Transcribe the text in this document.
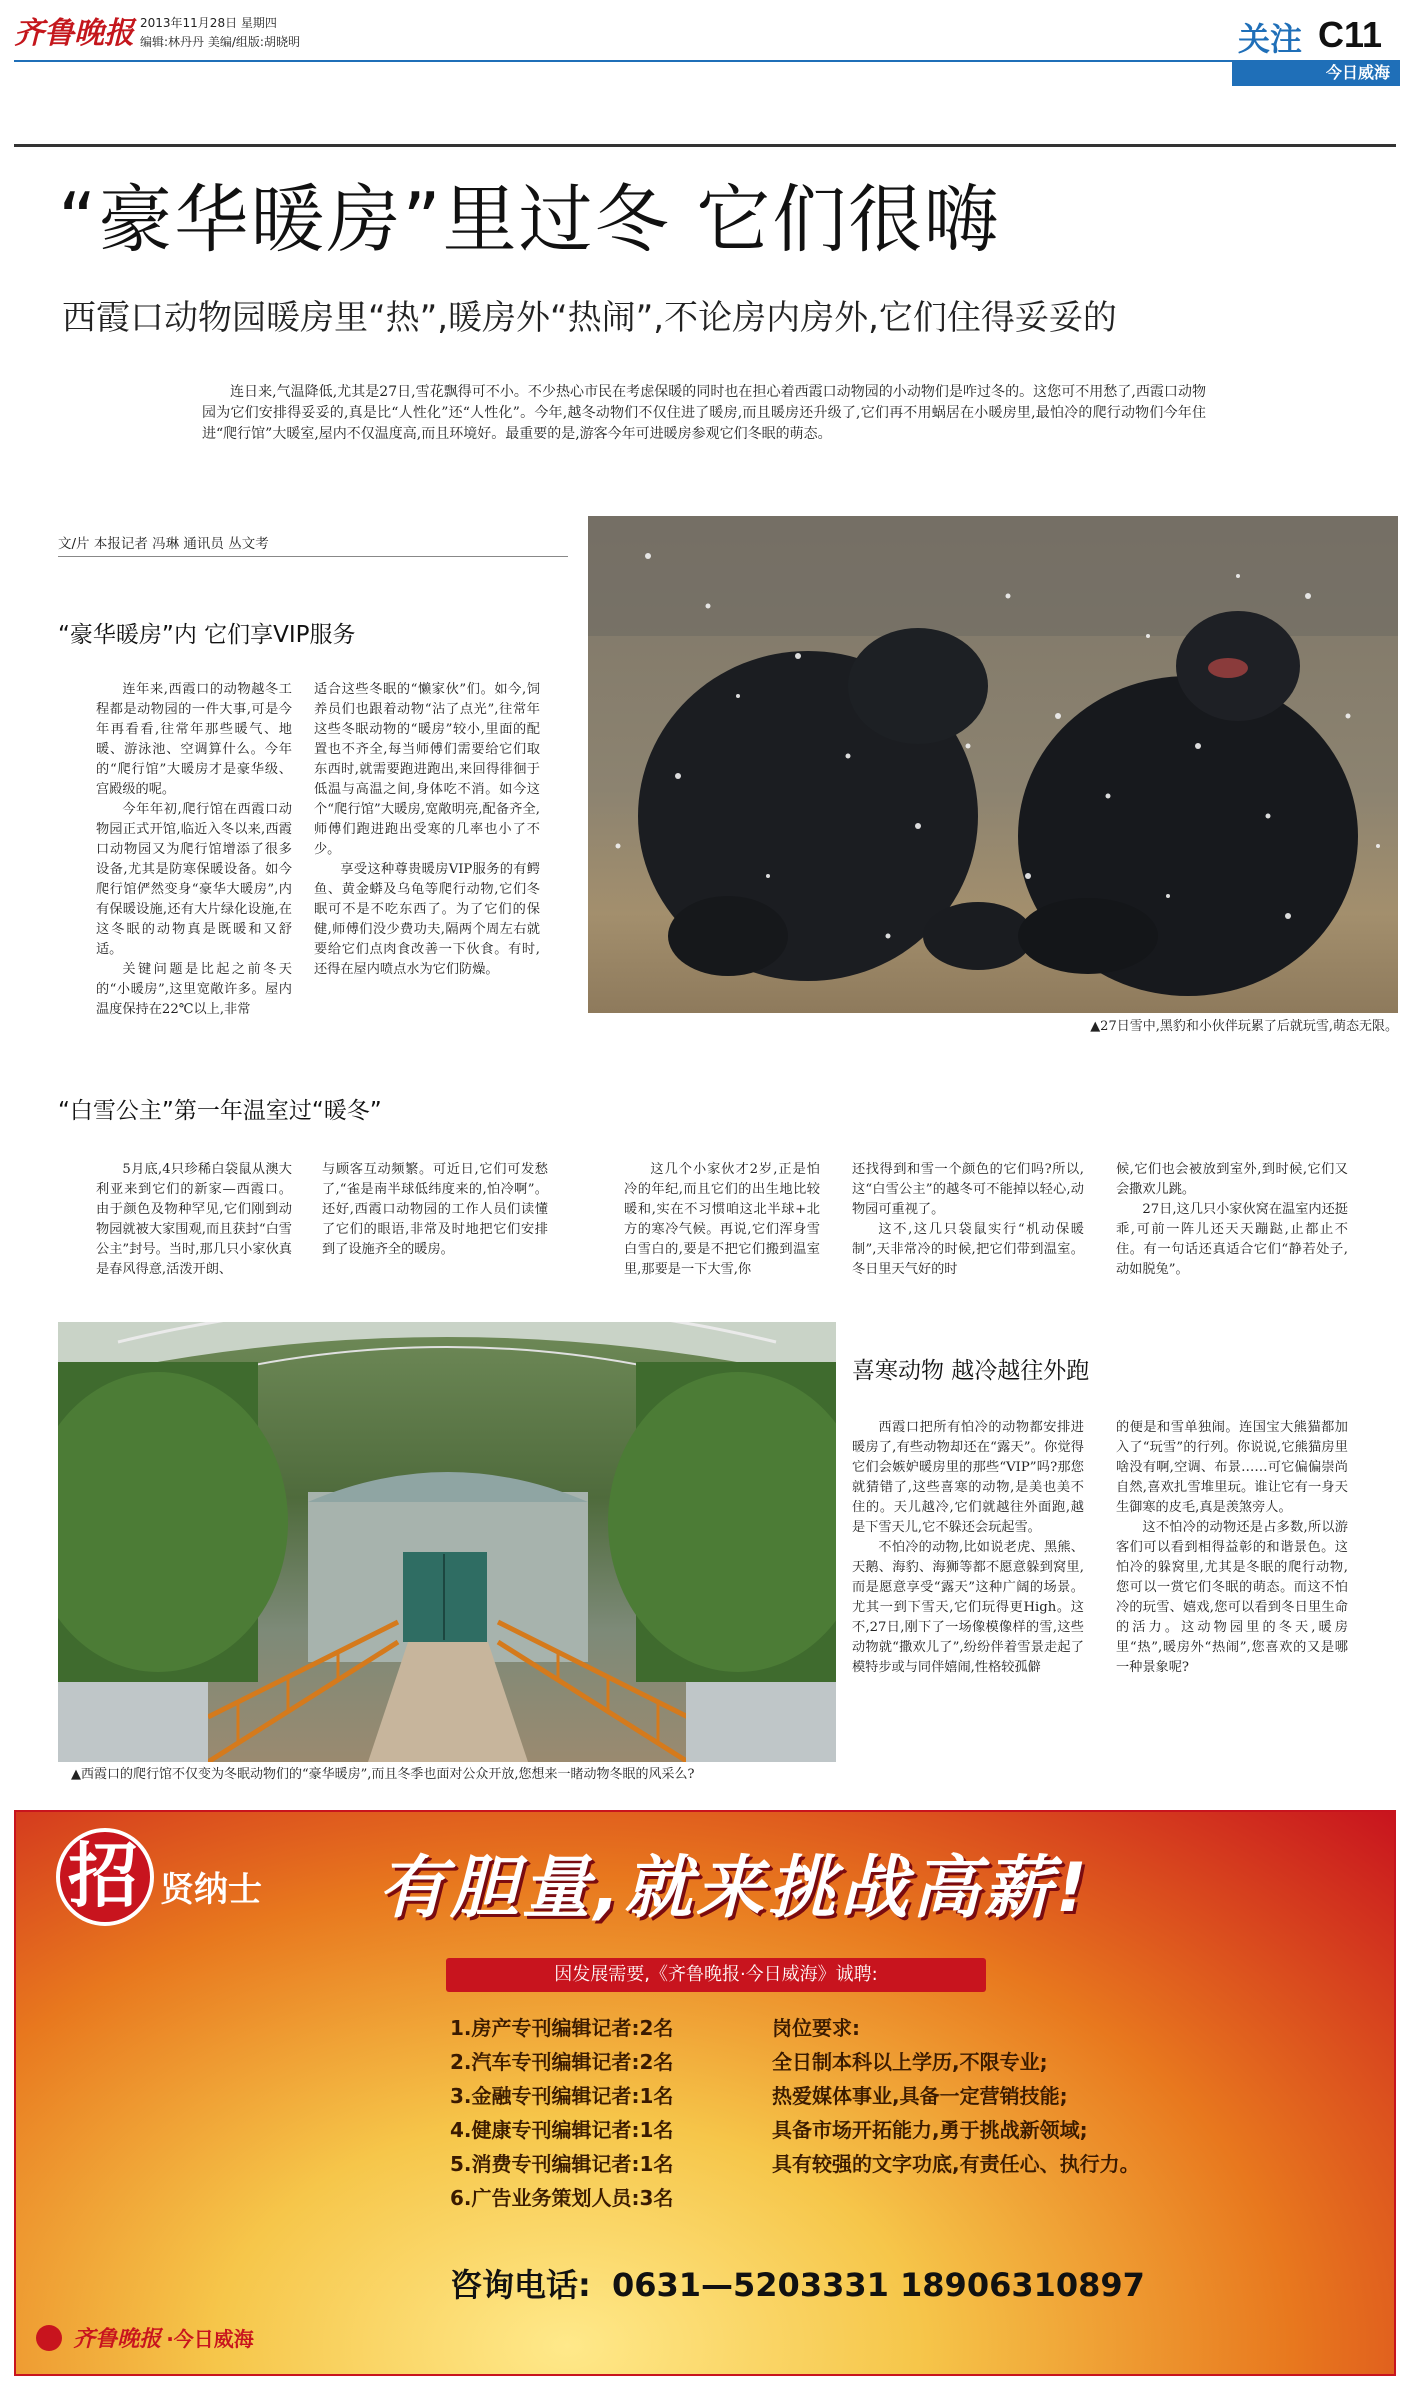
齐鲁晚报 2013年11月28日 星期四
编辑:林丹丹 美编/组版:胡晓明	关注 C11
今日威海
“豪华暖房”里过冬 它们很嗨
西霞口动物园暖房里“热”,暖房外“热闹”,不论房内房外,它们住得妥妥的

连日来,气温降低,尤其是27日,雪花飘得可不小。不少热心市民在考虑保暖的同时也在担心着西霞口动物园的小动物们是咋过冬的。这您可不用愁了,西霞口动物园为它们安排得妥妥的,真是比“人性化”还“人性化”。今年,越冬动物们不仅住进了暖房,而且暖房还升级了,它们再不用蜗居在小暖房里,最怕冷的爬行动物们今年住进“爬行馆”大暖室,屋内不仅温度高,而且环境好。最重要的是,游客今年可进暖房参观它们冬眠的萌态。

文/片 本报记者 冯琳 通讯员 丛文考
“豪华暖房”内 它们享VIP服务

连年来,西霞口的动物越冬工程都是动物园的一件大事,可是今年再看看,往常年那些暖气、地暖、游泳池、空调算什么。今年的“爬行馆”大暖房才是豪华级、宫殿级的呢。

今年年初,爬行馆在西霞口动物园正式开馆,临近入冬以来,西霞口动物园又为爬行馆增添了很多设备,尤其是防寒保暖设备。如今爬行馆俨然变身“豪华大暖房”,内有保暖设施,还有大片绿化设施,在这冬眠的动物真是既暖和又舒适。

关键问题是比起之前冬天的“小暖房”,这里宽敞许多。屋内温度保持在22℃以上,非常

适合这些冬眠的“懒家伙”们。如今,饲养员们也跟着动物“沾了点光”,往常年这些冬眠动物的“暖房”较小,里面的配置也不齐全,每当师傅们需要给它们取东西时,就需要跑进跑出,来回得徘徊于低温与高温之间,身体吃不消。如今这个“爬行馆”大暖房,宽敞明亮,配备齐全,师傅们跑进跑出受寒的几率也小了不少。

享受这种尊贵暖房VIP服务的有鳄鱼、黄金蟒及乌龟等爬行动物,它们冬眠可不是不吃东西了。为了它们的保健,师傅们没少费功夫,隔两个周左右就要给它们点肉食改善一下伙食。有时,还得在屋内喷点水为它们防燥。

▲27日雪中,黑豹和小伙伴玩累了后就玩雪,萌态无限。
“白雪公主”第一年温室过“暖冬”

5月底,4只珍稀白袋鼠从澳大利亚来到它们的新家—西霞口。由于颜色及物种罕见,它们刚到动物园就被大家围观,而且获封“白雪公主”封号。当时,那几只小家伙真是春风得意,活泼开朗、

与顾客互动频繁。可近日,它们可发愁了,“雀是南半球低纬度来的,怕冷啊”。还好,西霞口动物园的工作人员们读懂了它们的眼语,非常及时地把它们安排到了设施齐全的暖房。

这几个小家伙才2岁,正是怕冷的年纪,而且它们的出生地比较暖和,实在不习惯咱这北半球+北方的寒冷气候。再说,它们浑身雪白雪白的,要是不把它们搬到温室里,那要是一下大雪,你

还找得到和雪一个颜色的它们吗?所以,这“白雪公主”的越冬可不能掉以轻心,动物园可重视了。

这不,这几只袋鼠实行“机动保暖制”,天非常冷的时候,把它们带到温室。冬日里天气好的时

候,它们也会被放到室外,到时候,它们又会撒欢儿跳。

27日,这几只小家伙窝在温室内还挺乖,可前一阵儿还天天蹦跶,止都止不住。有一句话还真适合它们“静若处子,动如脱兔”。

▲西霞口的爬行馆不仅变为冬眠动物们的“豪华暖房”,而且冬季也面对公众开放,您想来一睹动物冬眠的风采么?
喜寒动物 越冷越往外跑

西霞口把所有怕冷的动物都安排进暖房了,有些动物却还在“露天”。你觉得它们会嫉妒暖房里的那些“VIP”吗?那您就猜错了,这些喜寒的动物,是美也美不住的。天儿越冷,它们就越往外面跑,越是下雪天儿,它不躲还会玩起雪。

不怕冷的动物,比如说老虎、黑熊、天鹅、海豹、海狮等都不愿意躲到窝里,而是愿意享受“露天”这种广阔的场景。尤其一到下雪天,它们玩得更High。这不,27日,刚下了一场像模像样的雪,这些动物就“撒欢儿了”,纷纷伴着雪景走起了模特步或与同伴嬉闹,性格较孤僻

的便是和雪单独闹。连国宝大熊猫都加入了“玩雪”的行列。你说说,它熊猫房里啥没有啊,空调、布景……可它偏偏崇尚自然,喜欢扎雪堆里玩。谁让它有一身天生御寒的皮毛,真是羡煞旁人。

这不怕冷的动物还是占多数,所以游客们可以看到相得益彰的和谐景色。这怕冷的躲窝里,尤其是冬眠的爬行动物,您可以一赏它们冬眠的萌态。而这不怕冷的玩雪、嬉戏,您可以看到冬日里生命的活力。这动物园里的冬天,暖房里“热”,暖房外“热闹”,您喜欢的又是哪一种景象呢?

招 贤纳士 有胆量,就来挑战高薪!
因发展需要,《齐鲁晚报·今日威海》诚聘:
1.房产专刊编辑记者:2名
2.汽车专刊编辑记者:2名
3.金融专刊编辑记者:1名
4.健康专刊编辑记者:1名
5.消费专刊编辑记者:1名
6.广告业务策划人员:3名
岗位要求:
全日制本科以上学历,不限专业;
热爱媒体事业,具备一定营销技能;
具备市场开拓能力,勇于挑战新领域;
具有较强的文字功底,有责任心、执行力。
咨询电话: 0631—5203331 18906310897
齐鲁晚报 ·今日威海
